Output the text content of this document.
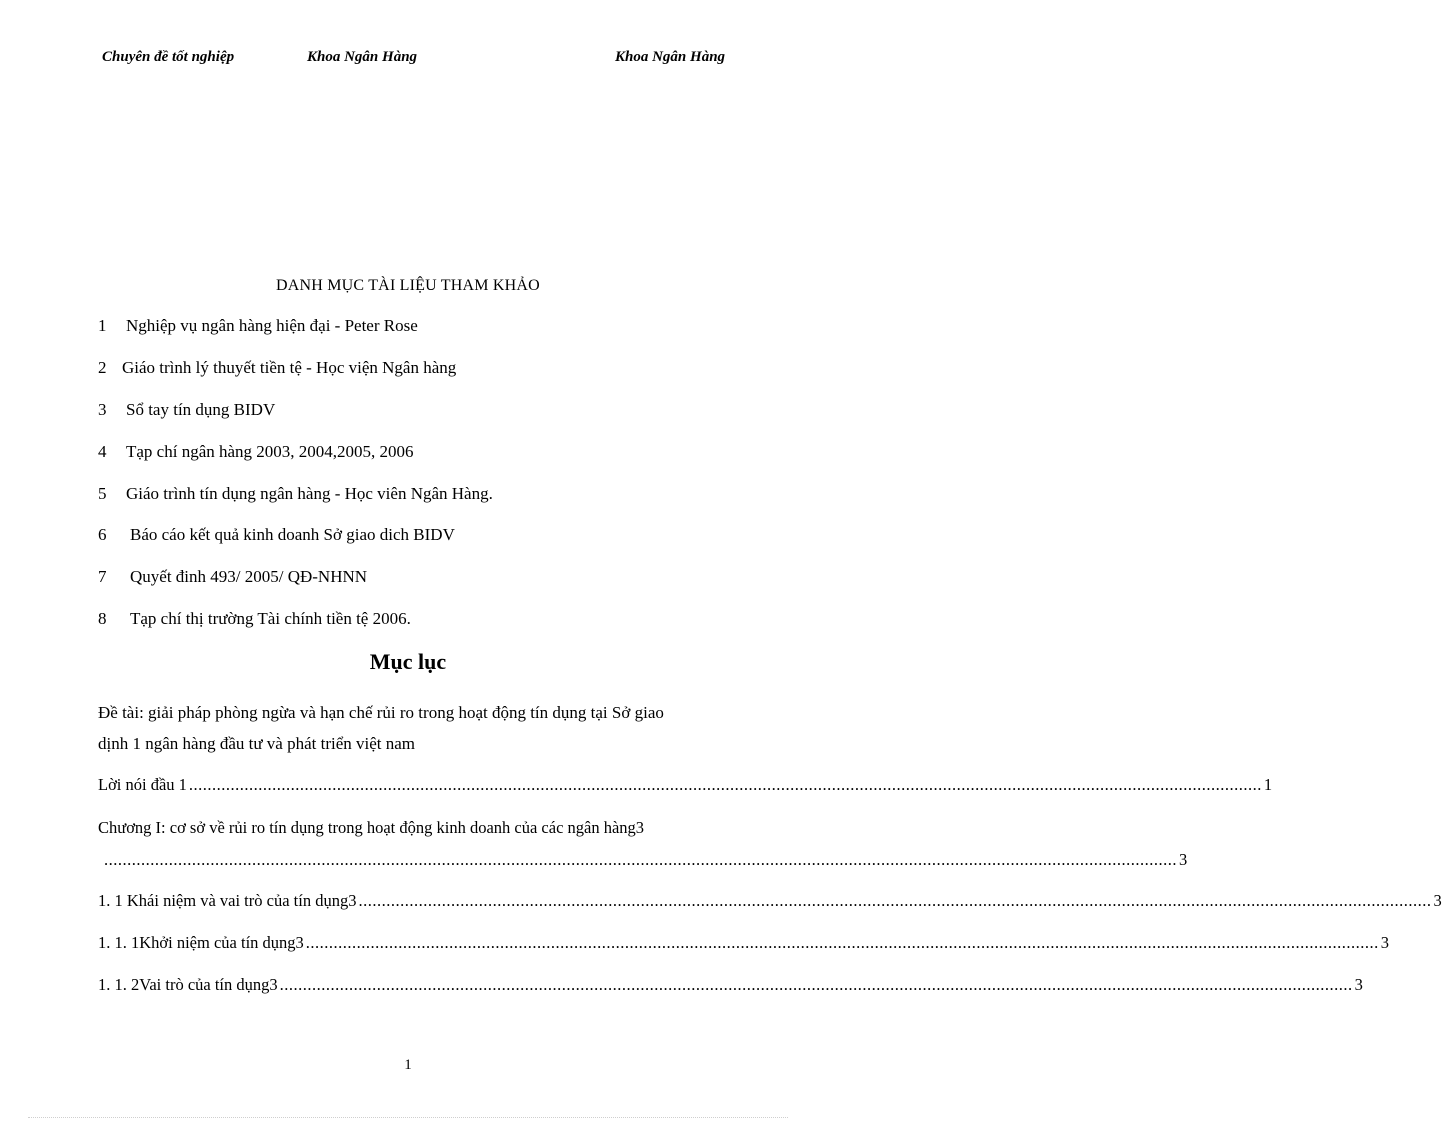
Chuyên đề tốt nghiệp	Khoa Ngân Hàng	Khoa Ngân Hàng
DANH MỤC TÀI LIỆU THAM KHẢO
1 Nghiệp vụ ngân hàng hiện đại - Peter Rose
2 Giáo trình lý thuyết tiền tệ - Học viện Ngân hàng
3 Sổ tay tín dụng BIDV
4 Tạp chí ngân hàng 2003, 2004,2005, 2006
5 Giáo trình tín dụng ngân hàng - Học viên Ngân Hàng.
6 Báo cáo kết quả kinh doanh Sở giao dich BIDV
7 Quyết đinh 493/ 2005/ QĐ-NHNN
8 Tạp chí thị trường Tài chính tiền tệ 2006.
Mục lục
Đề tài: giải pháp phòng ngừa và hạn chế rủi ro trong hoạt động tín dụng tại Sở giao
dịnh 1 ngân hàng đầu tư và phát triển việt nam
Lời nói đầu 1 ........................................................................................................................................................................................................................................ 1
Chương I: cơ sở về rủi ro tín dụng trong hoạt động kinh doanh của các ngân hàng3
........................................................................................................................................................................................................................................ 3
1. 1 Khái niệm và vai trò của tín dụng3 ........................................................................................................................................................................................................................................ 3
1. 1. 1Khởi niệm của tín dụng3 ........................................................................................................................................................................................................................................ 3
1. 1. 2Vai trò của tín dụng3 ........................................................................................................................................................................................................................................ 3
1
